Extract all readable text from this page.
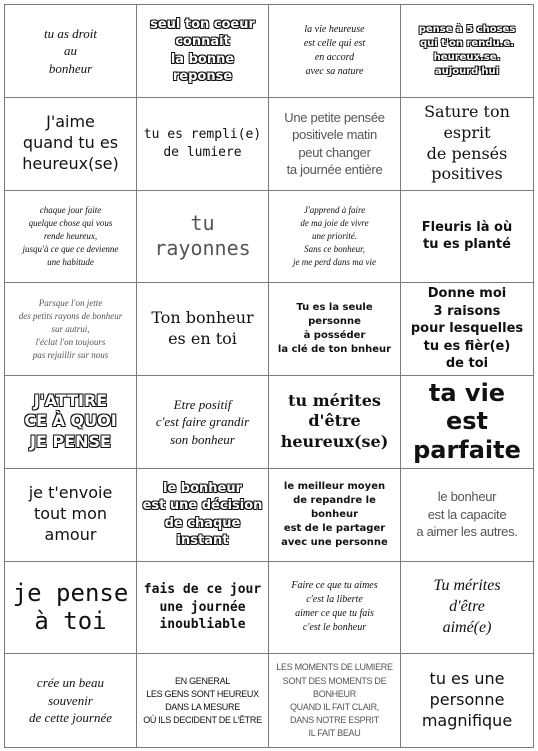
tu as droit
au
bonheur
seul ton coeur
connait
la bonne reponse
la vie heureuse
est celle qui est
en accord
avec sa nature
pense à 5 choses
qui t'on rendu.e.
heureux.se. aujourd'hui
J'aime
quand tu es
heureux(se)
tu es rempli(e)
de lumiere
Une petite pensée
positivele matin
peut changer
ta journée entière
Sature ton esprit
de pensés
positives
chaque jour faite
quelque chose qui vous
rende heureux,
jusqu'à ce que ce devienne
une habitude
tu rayonnes
J'apprend à faire
de ma joie de vivre
une priorité.
Sans ce bonheur,
je me perd dans ma vie
Fleuris là où
tu es planté
Parsque l'on jette
des petits rayons de bonheur
sur autrui,
l'éclat l'on toujours
pas rejaillir sur nous
Ton bonheur
es en toi
Tu es la seule
personne
à posséder
la clé de ton bnheur
Donne moi
3 raisons
pour lesquelles
tu es fièr(e)
de toi
J'ATTIRE
CE À QUOI
JE PENSE
Etre positif
c'est faire grandir
son bonheur
tu mérites
d'être
heureux(se)
ta vie est
parfaite
je t'envoie
tout mon
amour
le bonheur
est une décision
de chaque instant
le meilleur moyen
de repandre le bonheur
est de le partager
avec une personne
le bonheur
est la capacite
a aimer les autres.
je pense
à toi
fais de ce jour
une journée
inoubliable
Faire ce que tu aimes
c'est la liberte
aimer ce que tu fais
c'est le bonheur
Tu mérites
d'être
aimé(e)
crée un beau
souvenir
de cette journée
EN GENERAL
LES GENS SONT HEUREUX
DANS LA MESURE
OÙ ILS DECIDENT DE L'ÊTRE
LES MOMENTS DE LUMIERE
SONT DES MOMENTS DE BONHEUR
QUAND IL FAIT CLAIR,
DANS NOTRE ESPRIT
IL FAIT BEAU
tu es une
personne
magnifique
